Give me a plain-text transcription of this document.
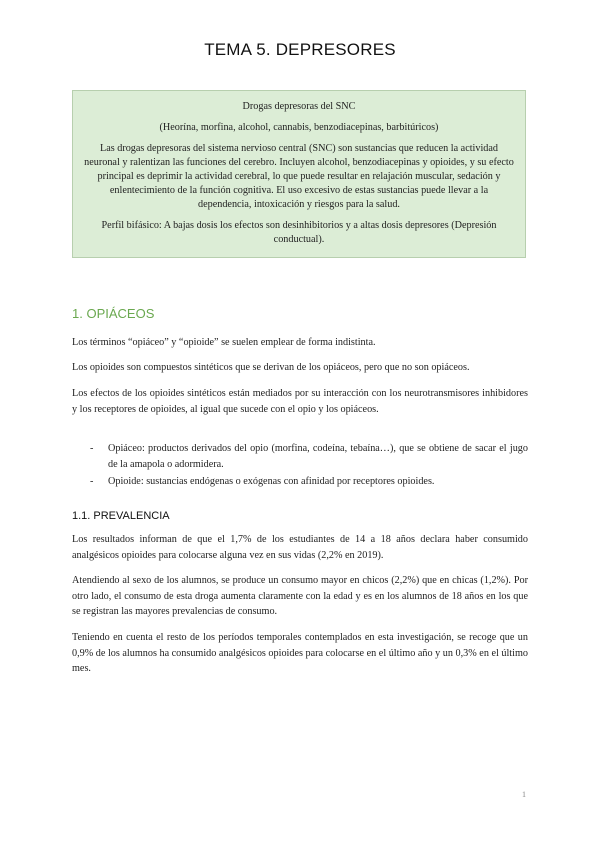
TEMA 5. DEPRESORES

Drogas depresoras del SNC

(Heorína, morfina, alcohol, cannabis, benzodiacepinas, barbitúricos)

Las drogas depresoras del sistema nervioso central (SNC) son sustancias que reducen la actividad neuronal y ralentizan las funciones del cerebro. Incluyen alcohol, benzodiacepinas y opioides, y su efecto principal es deprimir la actividad cerebral, lo que puede resultar en relajación muscular, sedación y enlentecimiento de la función cognitiva. El uso excesivo de estas sustancias puede llevar a la dependencia, intoxicación y riesgos para la salud.

Perfil bifásico: A bajas dosis los efectos son desinhibitorios y a altas dosis depresores (Depresión conductual).

1. OPIÁCEOS

Los términos “opiáceo” y “opioide” se suelen emplear de forma indistinta.

Los opioides son compuestos sintéticos que se derivan de los opiáceos, pero que no son opiáceos.

Los efectos de los opioides sintéticos están mediados por su interacción con los neurotransmisores inhibidores y los receptores de opioides, al igual que sucede con el opio y los opiáceos.

- Opiáceo: productos derivados del opio (morfina, codeína, tebaína…), que se obtiene de sacar el jugo de la amapola o adormidera.
- Opioide: sustancias endógenas o exógenas con afinidad por receptores opioides.
1.1. PREVALENCIA

Los resultados informan de que el 1,7% de los estudiantes de 14 a 18 años declara haber consumido analgésicos opioides para colocarse alguna vez en sus vidas (2,2% en 2019).

Atendiendo al sexo de los alumnos, se produce un consumo mayor en chicos (2,2%) que en chicas (1,2%). Por otro lado, el consumo de esta droga aumenta claramente con la edad y es en los alumnos de 18 años en los que se registran las mayores prevalencias de consumo.

Teniendo en cuenta el resto de los períodos temporales contemplados en esta investigación, se recoge que un 0,9% de los alumnos ha consumido analgésicos opioides para colocarse en el último año y un 0,3% en el último mes.

1
